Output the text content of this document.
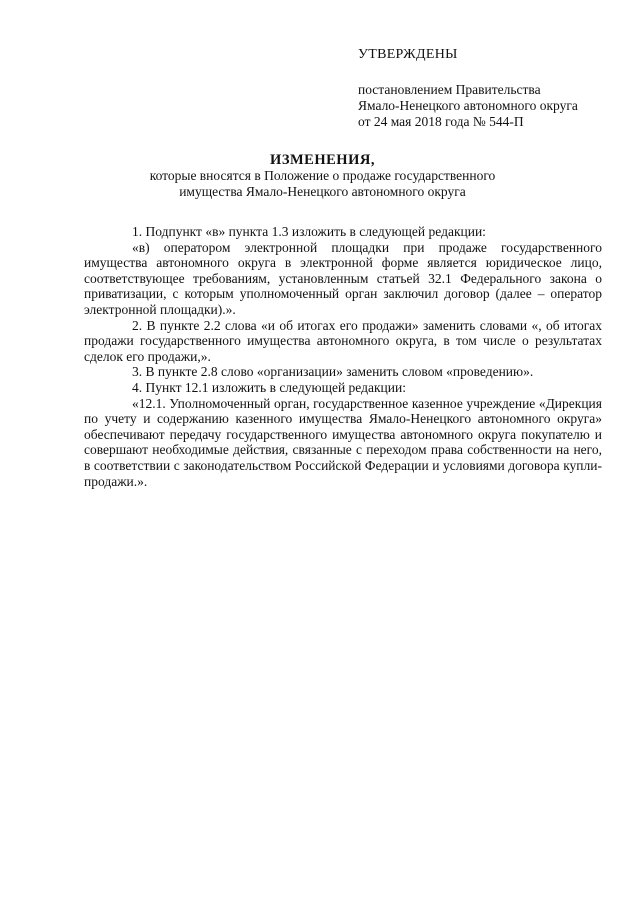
УТВЕРЖДЕНЫ
постановлением Правительства
Ямало-Ненецкого автономного округа
от 24 мая 2018 года № 544-П
ИЗМЕНЕНИЯ,
которые вносятся в Положение о продаже государственного
имущества Ямало-Ненецкого автономного округа

1. Подпункт «в» пункта 1.3 изложить в следующей редакции:

«в) оператором электронной площадки при продаже государственного имущества автономного округа в электронной форме является юридическое лицо, соответствующее требованиям, установленным статьей 32.1 Федерального закона о приватизации, с которым уполномоченный орган заключил договор (далее – оператор электронной площадки).».

2. В пункте 2.2 слова «и об итогах его продажи» заменить словами «, об итогах продажи государственного имущества автономного округа, в том числе о результатах сделок его продажи,».

3. В пункте 2.8 слово «организации» заменить словом «проведению».

4. Пункт 12.1 изложить в следующей редакции:

«12.1. Уполномоченный орган, государственное казенное учреждение «Дирекция по учету и содержанию казенного имущества Ямало-Ненецкого автономного округа» обеспечивают передачу государственного имущества автономного округа покупателю и совершают необходимые действия, связанные с переходом права собственности на него, в соответствии с законодательством Российской Федерации и условиями договора купли-продажи.».
